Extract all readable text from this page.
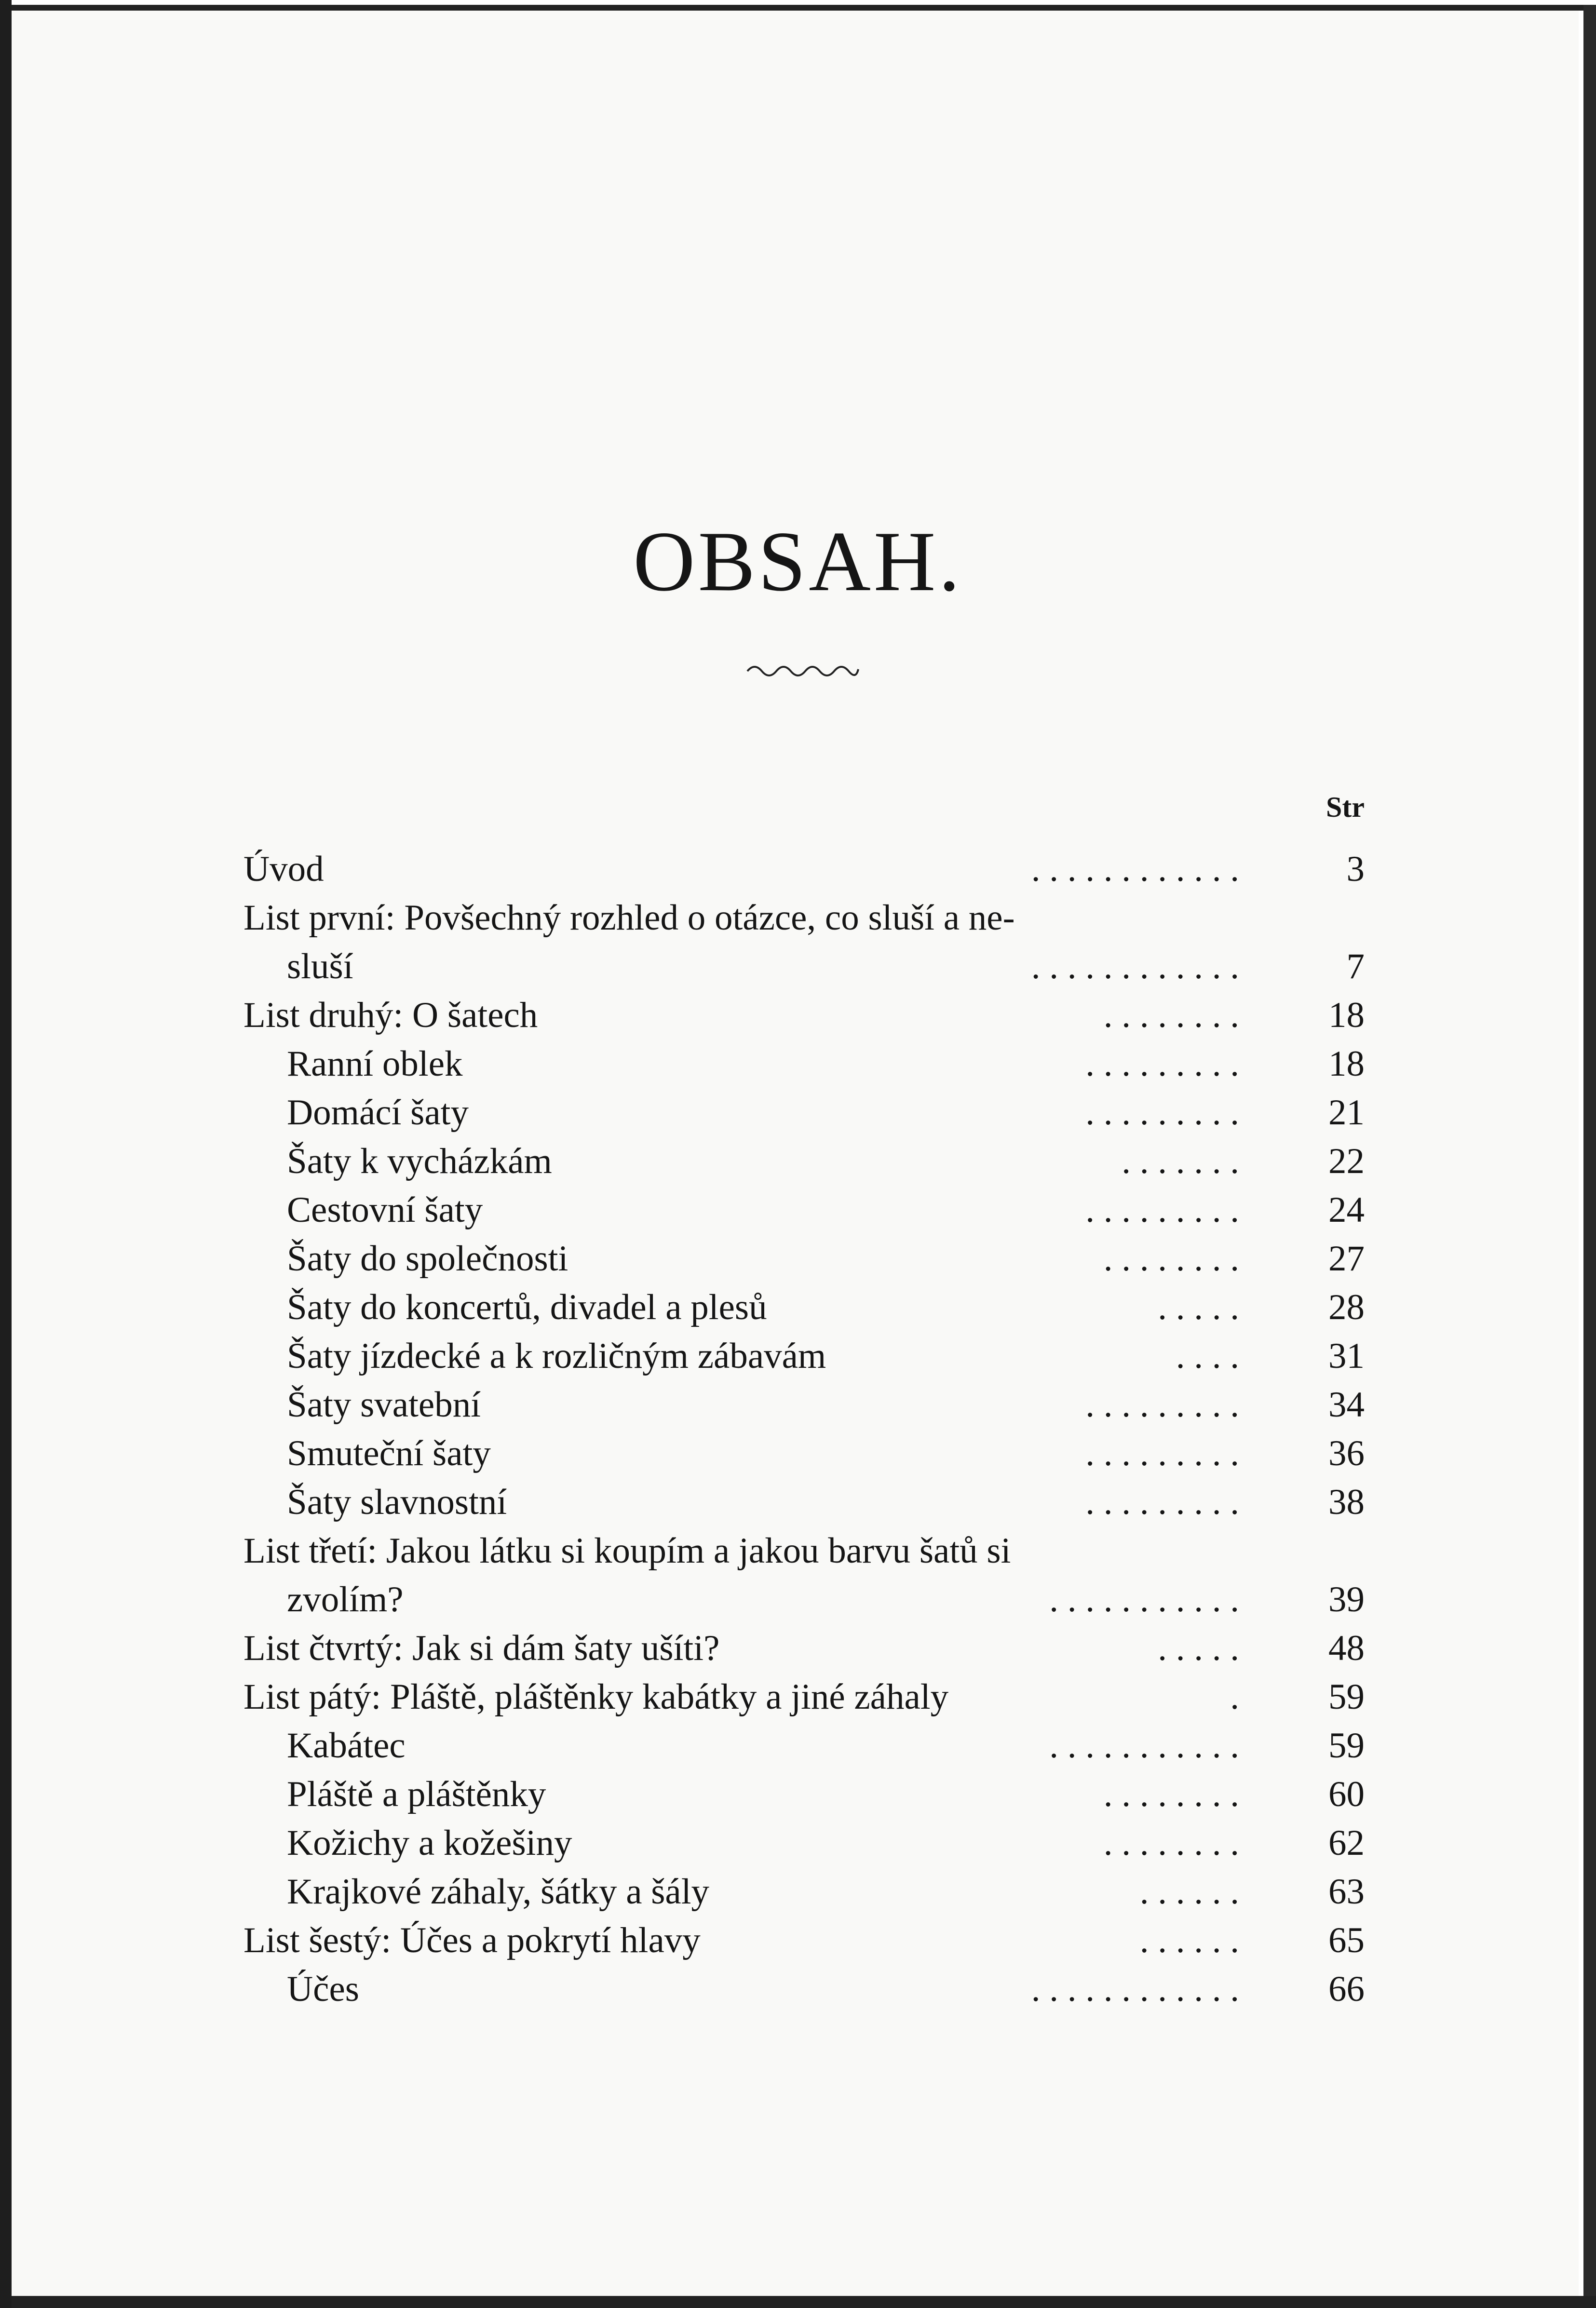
OBSAH.
Str
Úvod	. . . . . . . . . . . .	3
List první: Povšechný rozhled o otázce, co sluší a ne-
sluší	. . . . . . . . . . . .	7
List druhý: O šatech	. . . . . . . .	18
Ranní oblek	. . . . . . . . .	18
Domácí šaty	. . . . . . . . .	21
Šaty k vycházkám	. . . . . . .	22
Cestovní šaty	. . . . . . . . .	24
Šaty do společnosti	. . . . . . . .	27
Šaty do koncertů, divadel a plesů	. . . . .	28
Šaty jízdecké a k rozličným zábavám	. . . .	31
Šaty svatební	. . . . . . . . .	34
Smuteční šaty	. . . . . . . . .	36
Šaty slavnostní	. . . . . . . . .	38
List třetí: Jakou látku si koupím a jakou barvu šatů si
zvolím?	. . . . . . . . . . .	39
List čtvrtý: Jak si dám šaty ušíti?	. . . . .	48
List pátý: Pláště, pláštěnky kabátky a jiné záhaly	.	59
Kabátec	. . . . . . . . . . .	59
Pláště a pláštěnky	. . . . . . . .	60
Kožichy a kožešiny	. . . . . . . .	62
Krajkové záhaly, šátky a šály	. . . . . .	63
List šestý: Účes a pokrytí hlavy	. . . . . .	65
Účes	. . . . . . . . . . . .	66
